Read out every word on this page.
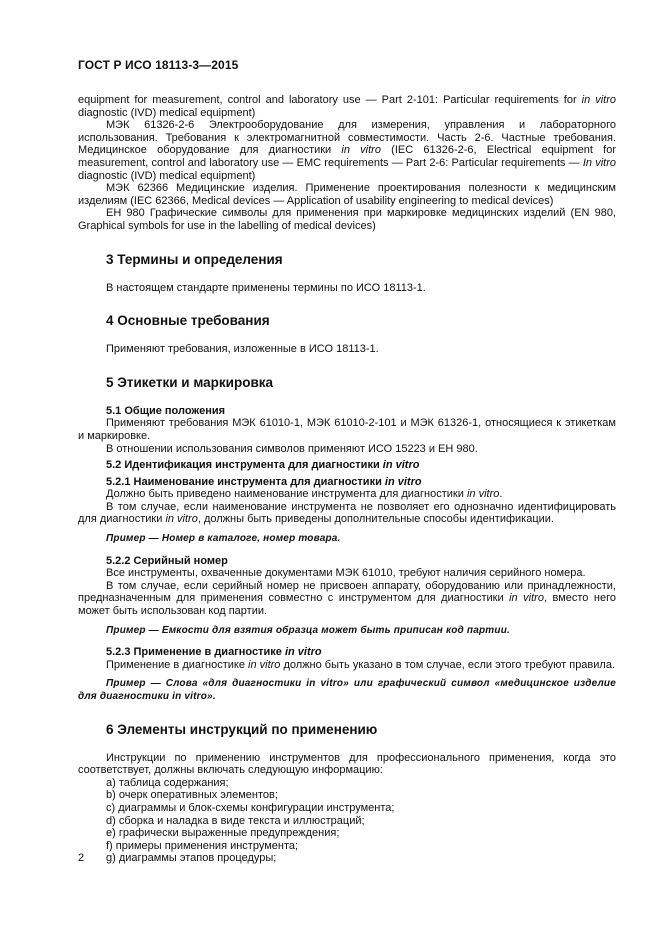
ГОСТ Р ИСО 18113-3—2015

equipment for measurement, control and laboratory use — Part 2-101: Particular requirements for in vitro diagnostic (IVD) medical equipment)

МЭК 61326-2-6 Электрооборудование для измерения, управления и лабораторного использования. Требования к электромагнитной совместимости. Часть 2-6. Частные требования. Медицинское оборудование для диагностики in vitro (IEC 61326-2-6, Electrical equipment for measurement, control and laboratory use — EMC requirements — Part 2-6: Particular requirements — In vitro diagnostic (IVD) medical equipment)

МЭК 62366 Медицинские изделия. Применение проектирования полезности к медицинским изделиям (IEC 62366, Medical devices — Application of usability engineering to medical devices)

ЕН 980 Графические символы для применения при маркировке медицинских изделий (EN 980, Graphical symbols for use in the labelling of medical devices)

3 Термины и определения

В настоящем стандарте применены термины по ИСО 18113-1.

4 Основные требования

Применяют требования, изложенные в ИСО 18113-1.

5 Этикетки и маркировка

5.1 Общие положения

Применяют требования МЭК 61010-1, МЭК 61010-2-101 и МЭК 61326-1, относящиеся к этикеткам и маркировке.

В отношении использования символов применяют ИСО 15223 и ЕН 980.

5.2 Идентификация инструмента для диагностики in vitro

5.2.1 Наименование инструмента для диагностики in vitro

Должно быть приведено наименование инструмента для диагностики in vitro.

В том случае, если наименование инструмента не позволяет его однозначно идентифицировать для диагностики in vitro, должны быть приведены дополнительные способы идентификации.

Пример — Номер в каталоге, номер товара.

5.2.2 Серийный номер

Все инструменты, охваченные документами МЭК 61010, требуют наличия серийного номера.

В том случае, если серийный номер не присвоен аппарату, оборудованию или принадлежности, предназначенным для применения совместно с инструментом для диагностики in vitro, вместо него может быть использован код партии.

Пример — Емкости для взятия образца может быть приписан код партии.

5.2.3 Применение в диагностике in vitro

Применение в диагностике in vitro должно быть указано в том случае, если этого требуют правила.

Пример — Слова «для диагностики in vitro» или графический символ «медицинское изделие для диагностики in vitro».

6 Элементы инструкций по применению

Инструкции по применению инструментов для профессионального применения, когда это соответствует, должны включать следующую информацию:

a) таблица содержания;

b) очерк оперативных элементов;

c) диаграммы и блок-схемы конфигурации инструмента;

d) сборка и наладка в виде текста и иллюстраций;

e) графически выраженные предупреждения;

f) примеры применения инструмента;

g) диаграммы этапов процедуры;

2
